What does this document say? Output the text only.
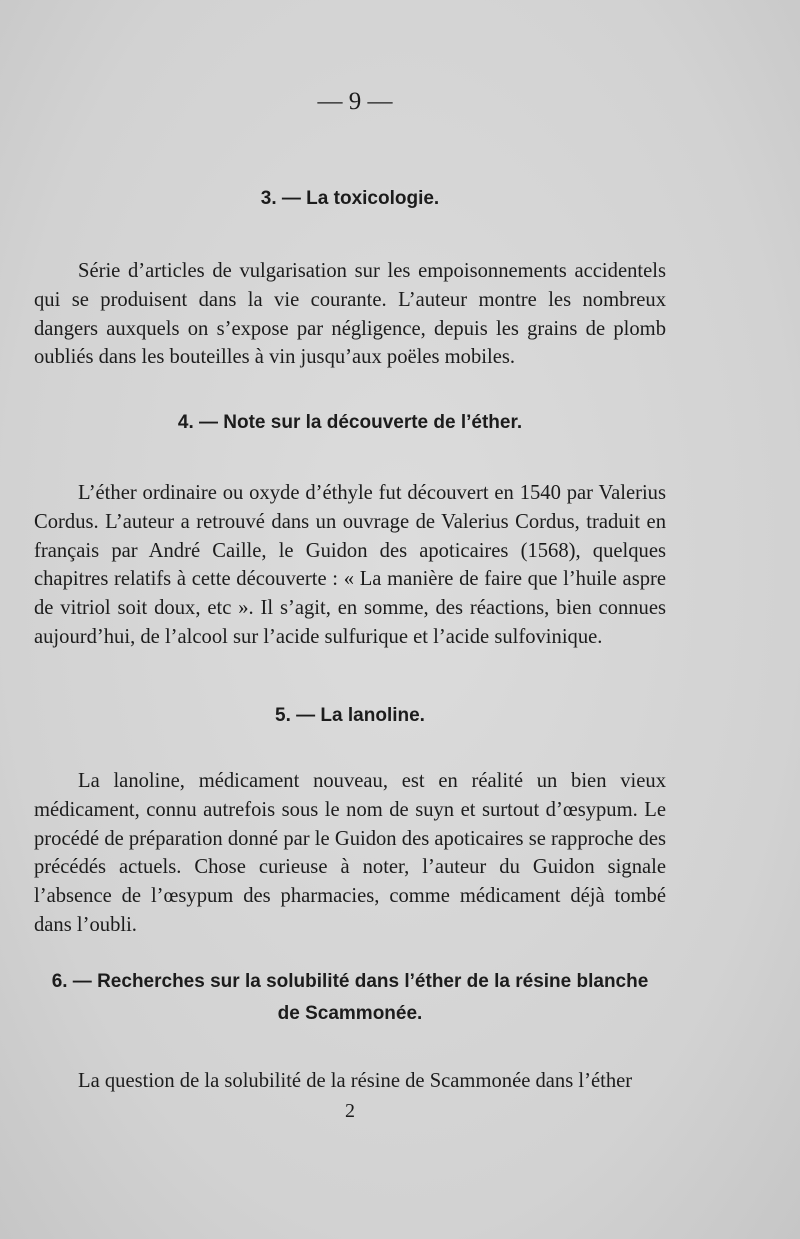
— 9 —
3. — La toxicologie.

Série d’articles de vulgarisation sur les empoisonnements accidentels qui se produisent dans la vie courante. L’auteur montre les nombreux dangers auxquels on s’expose par négligence, depuis les grains de plomb oubliés dans les bouteilles à vin jusqu’aux poëles mobiles.

4. — Note sur la découverte de l’éther.

L’éther ordinaire ou oxyde d’éthyle fut découvert en 1540 par Valerius Cordus. L’auteur a retrouvé dans un ouvrage de Valerius Cordus, traduit en français par André Caille, le Guidon des apoticaires (1568), quelques chapitres relatifs à cette découverte : « La manière de faire que l’huile aspre de vitriol soit doux, etc ». Il s’agit, en somme, des réactions, bien connues aujourd’hui, de l’alcool sur l’acide sulfurique et l’acide sulfovinique.

5. — La lanoline.

La lanoline, médicament nouveau, est en réalité un bien vieux médicament, connu autrefois sous le nom de suyn et surtout d’œsypum. Le procédé de préparation donné par le Guidon des apoticaires se rapproche des précédés actuels. Chose curieuse à noter, l’auteur du Guidon signale l’absence de l’œsypum des pharmacies, comme médicament déjà tombé dans l’oubli.

6. — Recherches sur la solubilité dans l’éther de la résine blanche de Scammonée.

La question de la solubilité de la résine de Scammonée dans l’éther

2
